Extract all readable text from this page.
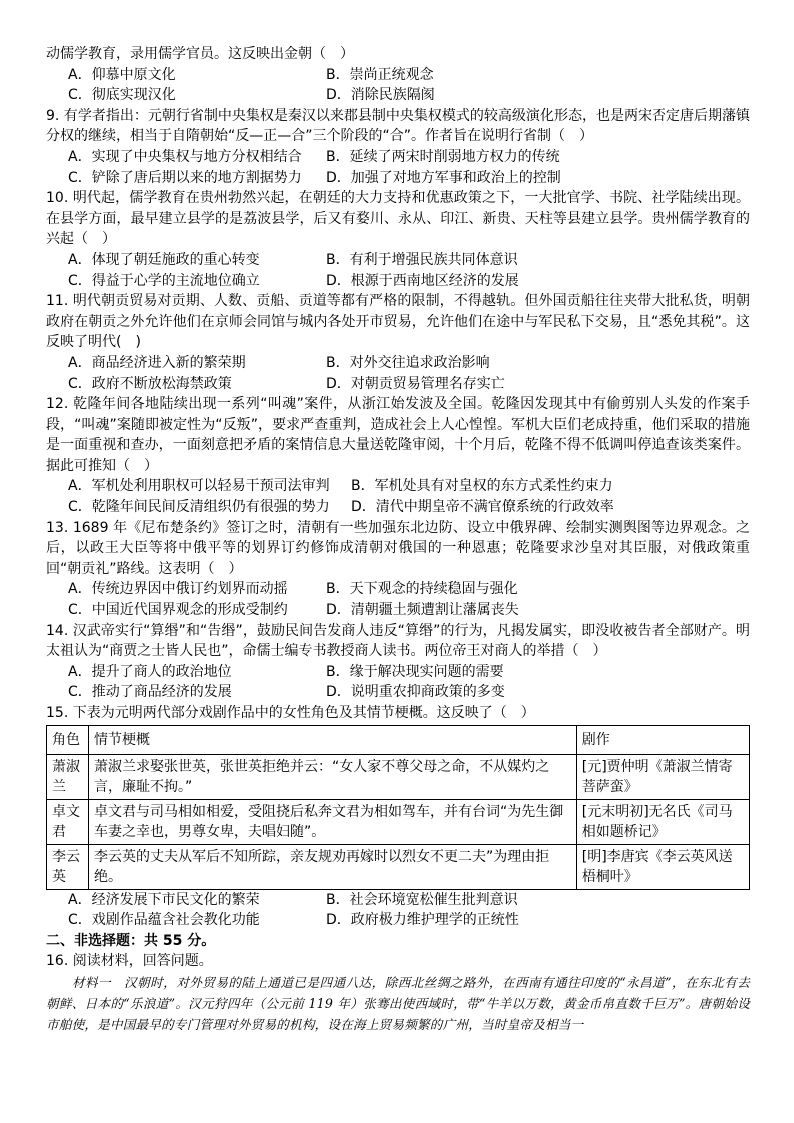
动儒学教育，录用儒学官员。这反映出金朝（　）
A．仰慕中原文化	B．崇尚正统观念
C．彻底实现汉化	D．消除民族隔阂
9. 有学者指出：元朝行省制中央集权是秦汉以来郡县制中央集权模式的较高级演化形态，也是两宋否定唐后期藩镇分权的继续，相当于自隋朝始“反—正—合”三个阶段的“合”。作者旨在说明行省制（　）
A．实现了中央集权与地方分权相结合	B．延续了两宋时削弱地方权力的传统
C．铲除了唐后期以来的地方割据势力	D．加强了对地方军事和政治上的控制
10. 明代起，儒学教育在贵州勃然兴起，在朝廷的大力支持和优惠政策之下，一大批官学、书院、社学陆续出现。在县学方面，最早建立县学的是荔波县学，后又有婺川、永从、印江、新贵、天柱等县建立县学。贵州儒学教育的兴起（　）
A．体现了朝廷施政的重心转变	B．有利于增强民族共同体意识
C．得益于心学的主流地位确立	D．根源于西南地区经济的发展
11. 明代朝贡贸易对贡期、人数、贡船、贡道等都有严格的限制，不得越轨。但外国贡船往往夹带大批私货，明朝政府在朝贡之外允许他们在京师会同馆与城内各处开市贸易，允许他们在途中与军民私下交易，且“悉免其税”。这反映了明代(　)
A．商品经济进入新的繁荣期	B．对外交往追求政治影响
C．政府不断放松海禁政策	D．对朝贡贸易管理名存实亡
12. 乾隆年间各地陆续出现一系列“叫魂”案件，从浙江始发波及全国。乾隆因发现其中有偷剪别人头发的作案手段，“叫魂”案随即被定性为“反叛”，要求严查重判，造成社会上人心惶惶。军机大臣们老成持重，他们采取的措施是一面重视和查办，一面刻意把矛盾的案情信息大量送乾隆审阅，十个月后，乾隆不得不低调叫停追查该类案件。据此可推知（　）
A．军机处利用职权可以轻易干预司法审判	B．军机处具有对皇权的东方式柔性约束力
C．乾隆年间民间反清组织仍有很强的势力	D．清代中期皇帝不满官僚系统的行政效率
13. 1689 年《尼布楚条约》签订之时，清朝有一些加强东北边防、设立中俄界碑、绘制实测舆图等边界观念。之后，以政王大臣等将中俄平等的划界订约修饰成清朝对俄国的一种恩惠；乾隆要求沙皇对其臣服，对俄政策重回“朝贡礼”路线。这表明（　）
A．传统边界因中俄订约划界而动摇	B．天下观念的持续稳固与强化
C．中国近代国界观念的形成受制约	D．清朝疆土频遭割让藩属丧失
14. 汉武帝实行“算缗”和“告缗”，鼓励民间告发商人违反“算缗”的行为，凡揭发属实，即没收被告者全部财产。明太祖认为“商贾之士皆人民也”，命儒士编专书教授商人读书。两位帝王对商人的举措（　）
A．提升了商人的政治地位	B．缘于解决现实问题的需要
C．推动了商品经济的发展	D．说明重农抑商政策的多变
15. 下表为元明两代部分戏剧作品中的女性角色及其情节梗概。这反映了（　）
角色	情节梗概	剧作
萧淑兰	萧淑兰求娶张世英，张世英拒绝并云：“女人家不尊父母之命，不从媒灼之言，廉耻不拘。”	[元]贾仲明《萧淑兰情寄菩萨蛮》
卓文君	卓文君与司马相如相爱，受阻挠后私奔文君为相如驾车，并有台词“为先生御车妻之幸也，男尊女卑，夫唱妇随”。	[元末明初]无名氏《司马相如题桥记》
李云英	李云英的丈夫从军后不知所踪，亲友规劝再嫁时以烈女不更二夫”为理由拒绝。	[明]李唐宾《李云英风送梧桐叶》
A．经济发展下市民文化的繁荣	B．社会环境宽松催生批判意识
C．戏剧作品蕴含社会教化功能	D．政府极力维护理学的正统性
二、非选择题：共 55 分。
16. 阅读材料，回答问题。
材料一　汉朝时，对外贸易的陆上通道已是四通八达，除西北丝绸之路外，在西南有通往印度的“永昌道”，在东北有去朝鲜、日本的“乐浪道”。汉元狩四年（公元前 119 年）张骞出使西域时，带“牛羊以万数，黄金币帛直数千巨万”。唐朝始设市舶使，是中国最早的专门管理对外贸易的机构，设在海上贸易频繁的广州，当时皇帝及相当一
